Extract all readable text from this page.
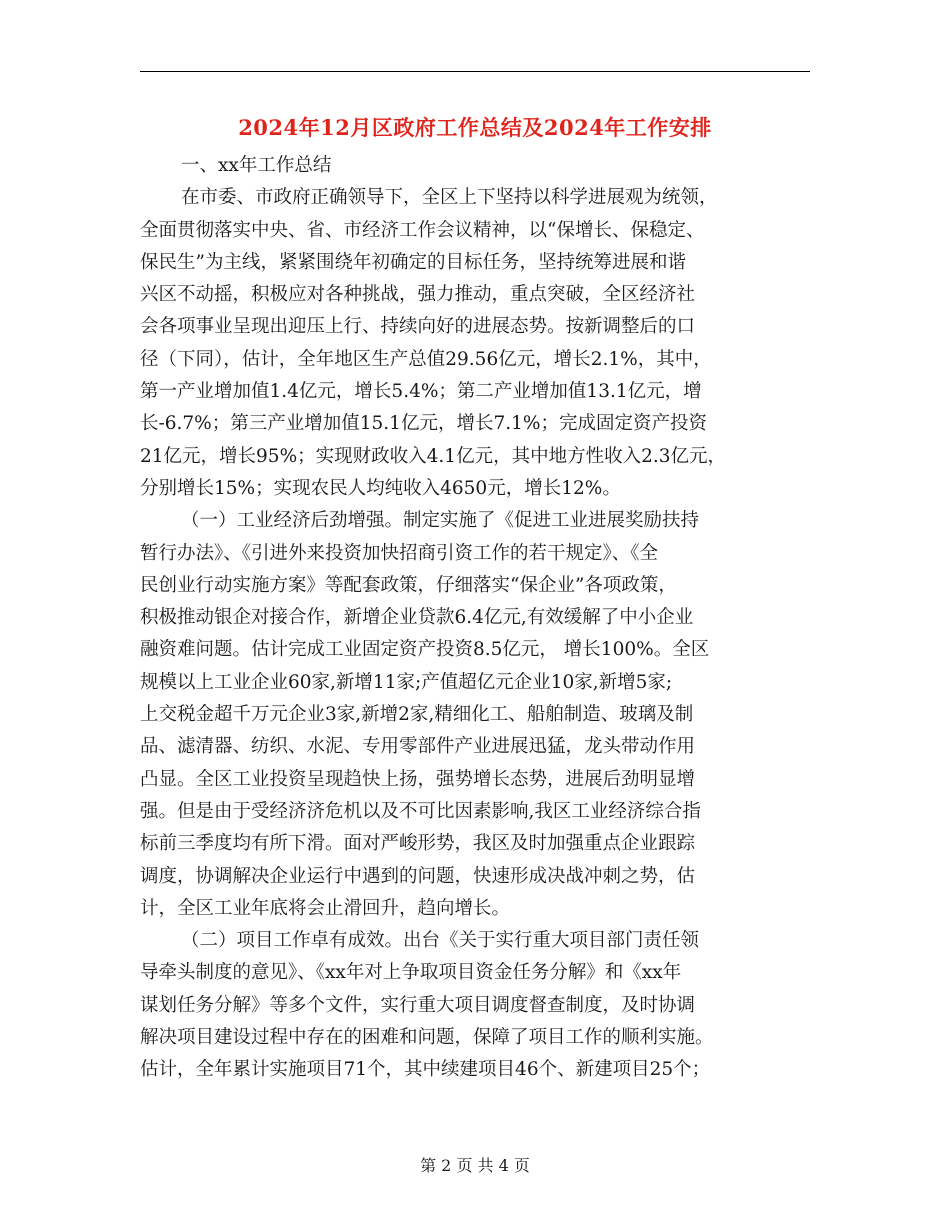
2024年12月区政府工作总结及2024年工作安排
一、xx年工作总结
在市委、市政府正确领导下，全区上下坚持以科学进展观为统领，
全面贯彻落实中央、省、市经济工作会议精神，以“保增长、保稳定、
保民生”为主线，紧紧围绕年初确定的目标任务，坚持统筹进展和谐
兴区不动摇，积极应对各种挑战，强力推动，重点突破，全区经济社
会各项事业呈现出迎压上行、持续向好的进展态势。按新调整后的口
径（下同），估计，全年地区生产总值29.56亿元，增长2.1%，其中，
第一产业增加值1.4亿元，增长5.4%；第二产业增加值13.1亿元，增
长-6.7%；第三产业增加值15.1亿元，增长7.1%；完成固定资产投资
21亿元，增长95%；实现财政收入4.1亿元，其中地方性收入2.3亿元，
分别增长15%；实现农民人均纯收入4650元，增长12%。
（一）工业经济后劲增强。制定实施了《促进工业进展奖励扶持
暂行办法》、《引进外来投资加快招商引资工作的若干规定》、《全
民创业行动实施方案》等配套政策，仔细落实“保企业”各项政策，
积极推动银企对接合作，新增企业贷款6.4亿元,有效缓解了中小企业
融资难问题。估计完成工业固定资产投资8.5亿元， 增长100%。全区
规模以上工业企业60家,新增11家;产值超亿元企业10家,新增5家;
上交税金超千万元企业3家,新增2家,精细化工、船舶制造、玻璃及制
品、滤清器、纺织、水泥、专用零部件产业进展迅猛，龙头带动作用
凸显。全区工业投资呈现趋快上扬，强势增长态势，进展后劲明显增
强。但是由于受经济济危机以及不可比因素影响,我区工业经济综合指
标前三季度均有所下滑。面对严峻形势，我区及时加强重点企业跟踪
调度，协调解决企业运行中遇到的问题，快速形成决战冲刺之势，估
计，全区工业年底将会止滑回升，趋向增长。
（二）项目工作卓有成效。出台《关于实行重大项目部门责任领
导牵头制度的意见》、《xx年对上争取项目资金任务分解》和《xx年
谋划任务分解》等多个文件，实行重大项目调度督查制度，及时协调
解决项目建设过程中存在的困难和问题，保障了项目工作的顺利实施。
估计，全年累计实施项目71个，其中续建项目46个、新建项目25个；
第 2 页 共 4 页
